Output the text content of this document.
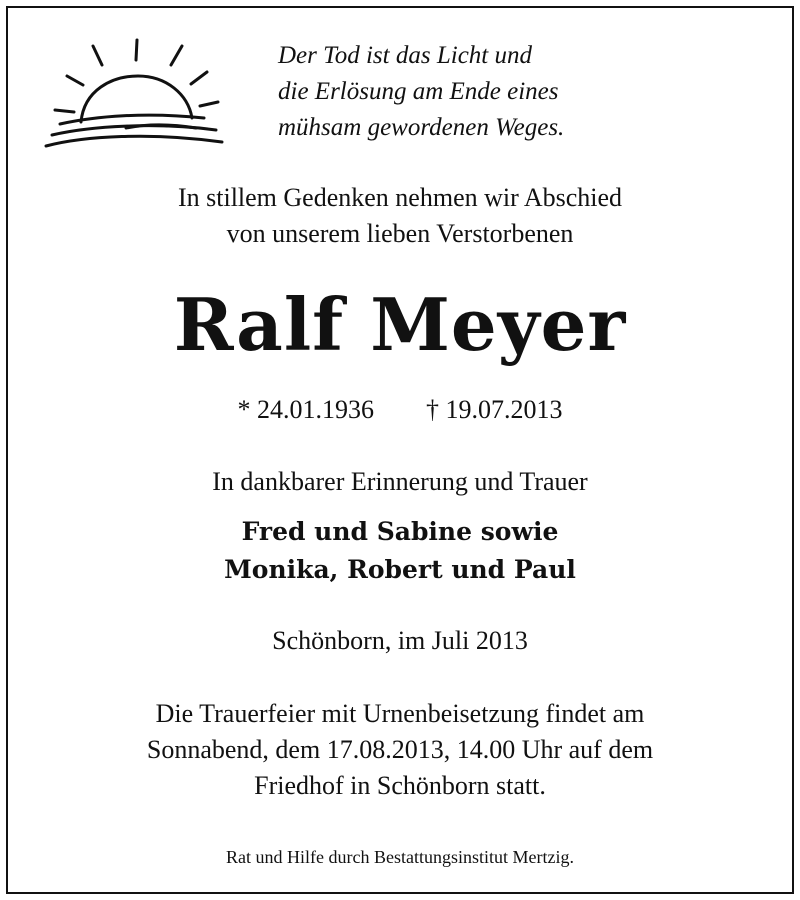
Der Tod ist das Licht und
die Erlösung am Ende eines
mühsam gewordenen Weges.
In stillem Gedenken nehmen wir Abschied
von unserem lieben Verstorbenen
Ralf Meyer
* 24.01.1936 † 19.07.2013
In dankbarer Erinnerung und Trauer
Fred und Sabine sowie
Monika, Robert und Paul
Schönborn, im Juli 2013
Die Trauerfeier mit Urnenbeisetzung findet am
Sonnabend, dem 17.08.2013, 14.00 Uhr auf dem
Friedhof in Schönborn statt.
Rat und Hilfe durch Bestattungsinstitut Mertzig.
